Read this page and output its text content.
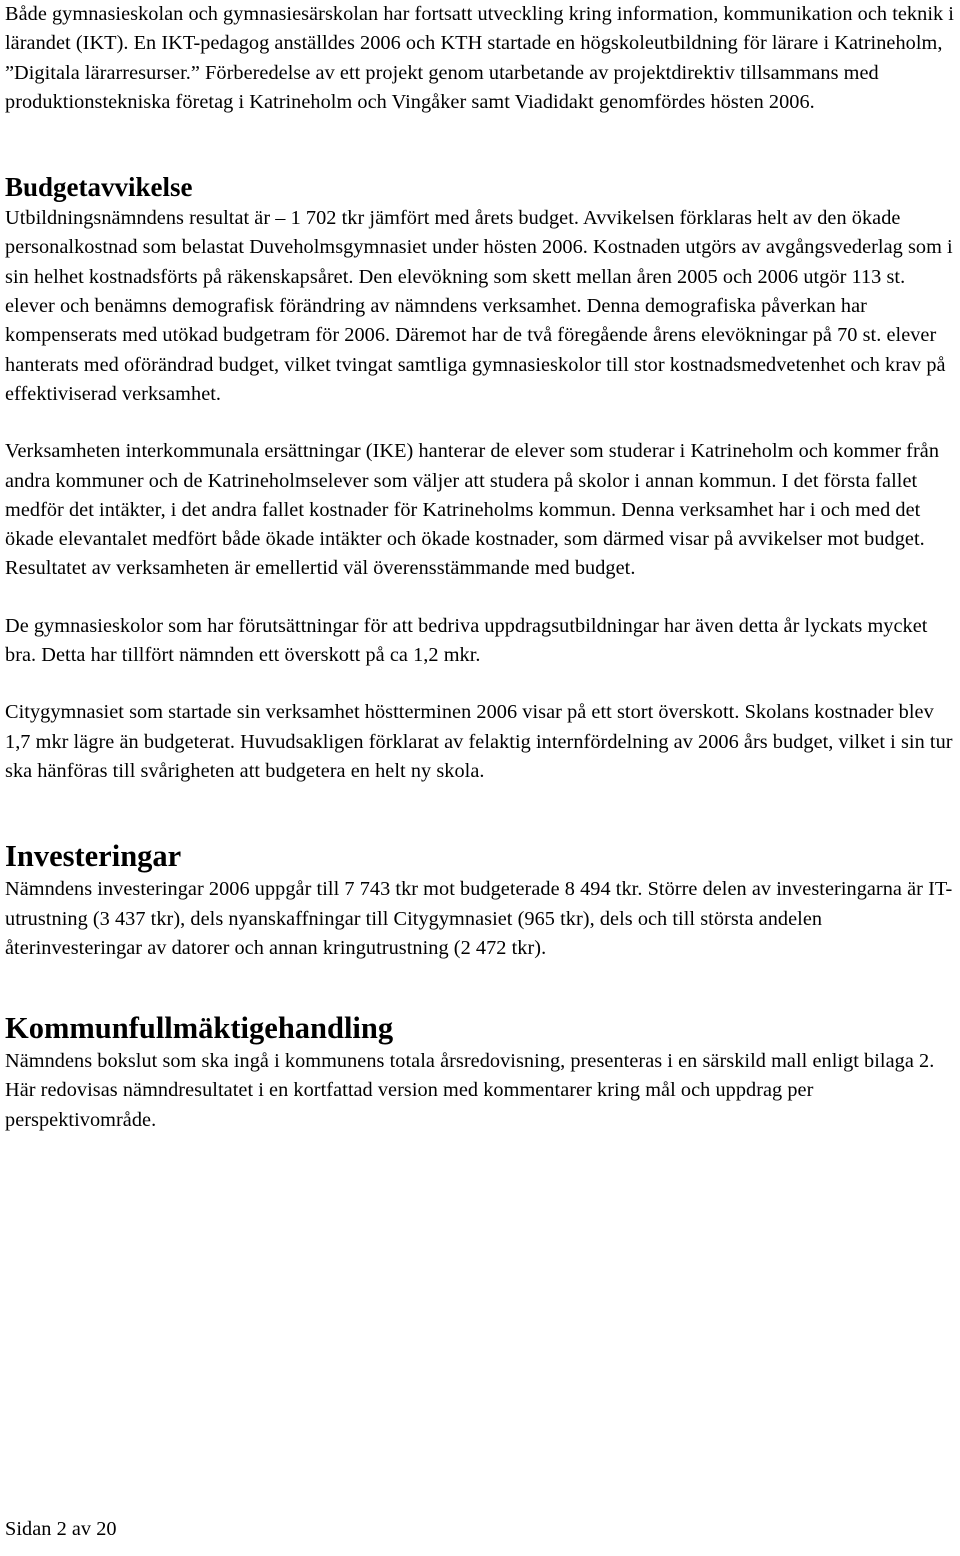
Både gymnasieskolan och gymnasiesärskolan har fortsatt utveckling kring information, kommunikation och teknik i lärandet (IKT). En IKT-pedagog anställdes 2006 och KTH startade en högskoleutbildning för lärare i Katrineholm, ”Digitala lärarresurser.” Förberedelse av ett projekt genom utarbetande av projektdirektiv tillsammans med produktionstekniska företag i Katrineholm och Vingåker samt Viadidakt genomfördes hösten 2006.

Budgetavvikelse

Utbildningsnämndens resultat är – 1 702 tkr jämfört med årets budget. Avvikelsen förklaras helt av den ökade personalkostnad som belastat Duveholmsgymnasiet under hösten 2006. Kostnaden utgörs av avgångsvederlag som i sin helhet kostnadsförts på räkenskapsåret. Den elevökning som skett mellan åren 2005 och 2006 utgör 113 st. elever och benämns demografisk förändring av nämndens verksamhet. Denna demografiska påverkan har kompenserats med utökad budgetram för 2006. Däremot har de två föregående årens elevökningar på 70 st. elever hanterats med oförändrad budget, vilket tvingat samtliga gymnasieskolor till stor kostnadsmedvetenhet och krav på effektiviserad verksamhet.

Verksamheten interkommunala ersättningar (IKE) hanterar de elever som studerar i Katrineholm och kommer från andra kommuner och de Katrineholmselever som väljer att studera på skolor i annan kommun. I det första fallet medför det intäkter, i det andra fallet kostnader för Katrineholms kommun. Denna verksamhet har i och med det ökade elevantalet medfört både ökade intäkter och ökade kostnader, som därmed visar på avvikelser mot budget. Resultatet av verksamheten är emellertid väl överensstämmande med budget.

De gymnasieskolor som har förutsättningar för att bedriva uppdragsutbildningar har även detta år lyckats mycket bra. Detta har tillfört nämnden ett överskott på ca 1,2 mkr.

Citygymnasiet som startade sin verksamhet höstterminen 2006 visar på ett stort överskott. Skolans kostnader blev 1,7 mkr lägre än budgeterat. Huvudsakligen förklarat av felaktig internfördelning av 2006 års budget, vilket i sin tur ska hänföras till svårigheten att budgetera en helt ny skola.

Investeringar

Nämndens investeringar 2006 uppgår till 7 743 tkr mot budgeterade 8 494 tkr. Större delen av investeringarna är IT-utrustning (3 437 tkr), dels nyanskaffningar till Citygymnasiet (965 tkr), dels och till största andelen återinvesteringar av datorer och annan kringutrustning (2 472 tkr).

Kommunfullmäktigehandling

Nämndens bokslut som ska ingå i kommunens totala årsredovisning, presenteras i en särskild mall enligt bilaga 2. Här redovisas nämndresultatet i en kortfattad version med kommentarer kring mål och uppdrag per perspektivområde.

Sidan 2 av 20
